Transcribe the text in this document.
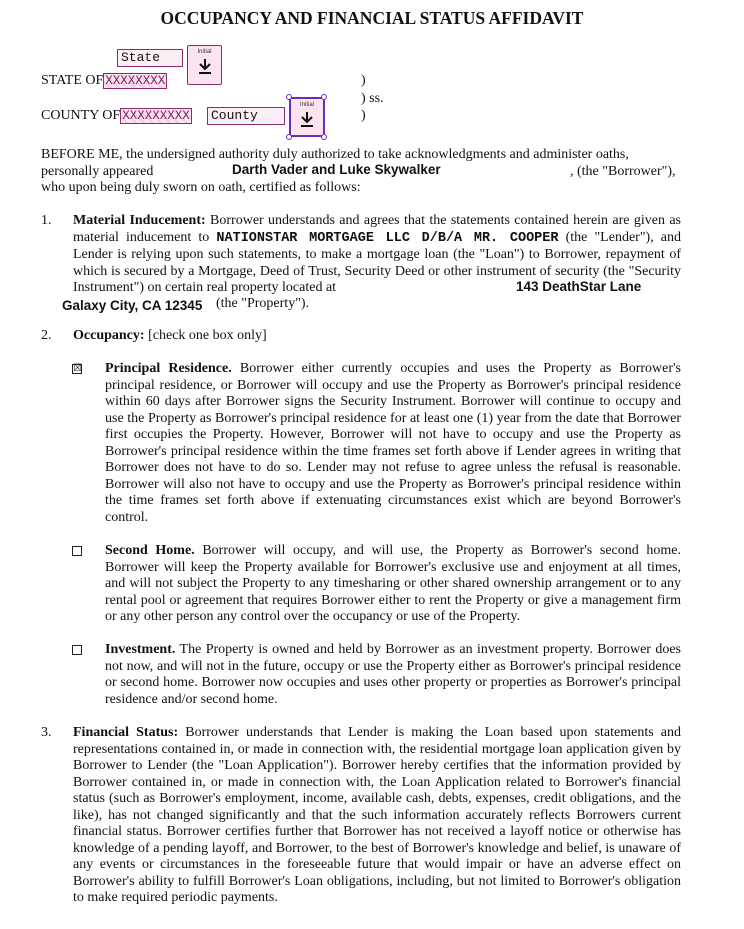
OCCUPANCY AND FINANCIAL STATUS AFFIDAVIT
State	Initial
STATE OF XXXXXXXX
COUNTY OF XXXXXXXXX	County
Initial
)
) ss.
)
BEFORE ME, the undersigned authority duly authorized to take acknowledgments and administer oaths,
personally appeared	Darth Vader and Luke Skywalker	, (the "Borrower"),
who upon being duly sworn on oath, certified as follows:
1. Material Inducement: Borrower understands and agrees that the statements contained herein are given as material inducement to NATIONSTAR MORTGAGE LLC D/B/A MR. COOPER (the "Lender"), and Lender is relying upon such statements, to make a mortgage loan (the "Loan") to Borrower, repayment of which is secured by a Mortgage, Deed of Trust, Security Deed or other instrument of security (the "Security Instrument") on certain real property located at	143 DeathStar Lane
Galaxy City, CA 12345 (the "Property").
2. Occupancy: [check one box only]
☒ Principal Residence. Borrower either currently occupies and uses the Property as Borrower's principal residence, or Borrower will occupy and use the Property as Borrower's principal residence within 60 days after Borrower signs the Security Instrument. Borrower will continue to occupy and use the Property as Borrower's principal residence for at least one (1) year from the date that Borrower first occupies the Property. However, Borrower will not have to occupy and use the Property as Borrower's principal residence within the time frames set forth above if Lender agrees in writing that Borrower does not have to do so. Lender may not refuse to agree unless the refusal is reasonable. Borrower will also not have to occupy and use the Property as Borrower's principal residence within the time frames set forth above if extenuating circumstances exist which are beyond Borrower's control.
Second Home. Borrower will occupy, and will use, the Property as Borrower's second home. Borrower will keep the Property available for Borrower's exclusive use and enjoyment at all times, and will not subject the Property to any timesharing or other shared ownership arrangement or to any rental pool or agreement that requires Borrower either to rent the Property or give a management firm or any other person any control over the occupancy or use of the Property.
Investment. The Property is owned and held by Borrower as an investment property. Borrower does not now, and will not in the future, occupy or use the Property either as Borrower's principal residence or second home. Borrower now occupies and uses other property or properties as Borrower's principal residence and/or second home.
3. Financial Status: Borrower understands that Lender is making the Loan based upon statements and representations contained in, or made in connection with, the residential mortgage loan application given by Borrower to Lender (the "Loan Application"). Borrower hereby certifies that the information provided by Borrower contained in, or made in connection with, the Loan Application related to Borrower's financial status (such as Borrower's employment, income, available cash, debts, expenses, credit obligations, and the like), has not changed significantly and that the such information accurately reflects Borrowers current financial status. Borrower certifies further that Borrower has not received a layoff notice or otherwise has knowledge of a pending layoff, and Borrower, to the best of Borrower's knowledge and belief, is unaware of any events or circumstances in the foreseeable future that would impair or have an adverse effect on Borrower's ability to fulfill Borrower's Loan obligations, including, but not limited to Borrower's obligation to make required periodic payments.
